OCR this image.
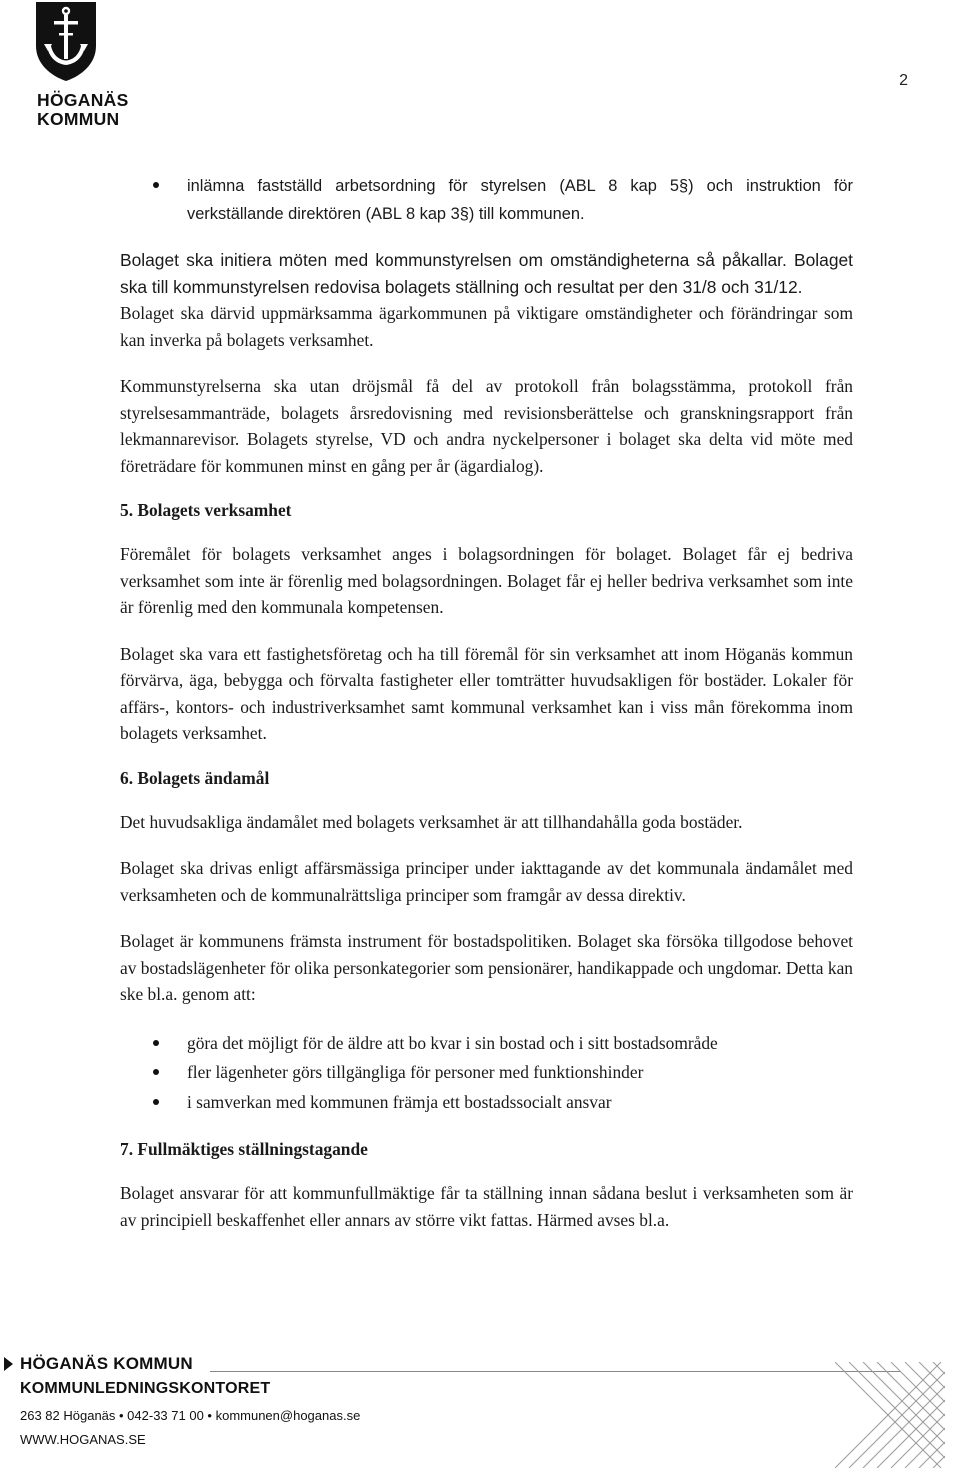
HÖGANÄS
KOMMUN
2
inlämna fastställd arbetsordning för styrelsen (ABL 8 kap 5§) och instruktion för verkställande direktören (ABL 8 kap 3§) till kommunen.

Bolaget ska initiera möten med kommunstyrelsen om omständigheterna så påkallar. Bolaget ska till kommunstyrelsen redovisa bolagets ställning och resultat per den 31/8 och 31/12.

Bolaget ska därvid uppmärksamma ägarkommunen på viktigare omständigheter och förändringar som kan inverka på bolagets verksamhet.

Kommunstyrelserna ska utan dröjsmål få del av protokoll från bolagsstämma, protokoll från styrelsesammanträde, bolagets årsredovisning med revisionsberättelse och granskningsrapport från lekmannarevisor. Bolagets styrelse, VD och andra nyckelpersoner i bolaget ska delta vid möte med företrädare för kommunen minst en gång per år (ägardialog).

5. Bolagets verksamhet

Föremålet för bolagets verksamhet anges i bolagsordningen för bolaget. Bolaget får ej bedriva verksamhet som inte är förenlig med bolagsordningen. Bolaget får ej heller bedriva verksamhet som inte är förenlig med den kommunala kompetensen.

Bolaget ska vara ett fastighetsföretag och ha till föremål för sin verksamhet att inom Höganäs kommun förvärva, äga, bebygga och förvalta fastigheter eller tomträtter huvudsakligen för bostäder. Lokaler för affärs-, kontors- och industriverksamhet samt kommunal verksamhet kan i viss mån förekomma inom bolagets verksamhet.

6. Bolagets ändamål

Det huvudsakliga ändamålet med bolagets verksamhet är att tillhandahålla goda bostäder.

Bolaget ska drivas enligt affärsmässiga principer under iakttagande av det kommunala ändamålet med verksamheten och de kommunalrättsliga principer som framgår av dessa direktiv.

Bolaget är kommunens främsta instrument för bostadspolitiken. Bolaget ska försöka tillgodose behovet av bostadslägenheter för olika personkategorier som pensionärer, handikappade och ungdomar. Detta kan ske bl.a. genom att:

göra det möjligt för de äldre att bo kvar i sin bostad och i sitt bostadsområde
fler lägenheter görs tillgängliga för personer med funktionshinder
i samverkan med kommunen främja ett bostadssocialt ansvar
7. Fullmäktiges ställningstagande

Bolaget ansvarar för att kommunfullmäktige får ta ställning innan sådana beslut i verksamheten som är av principiell beskaffenhet eller annars av större vikt fattas. Härmed avses bl.a.

HÖGANÄS KOMMUN
KOMMUNLEDNINGSKONTORET
263 82 Höganäs • 042-33 71 00 • kommunen@hoganas.se
WWW.HOGANAS.SE
